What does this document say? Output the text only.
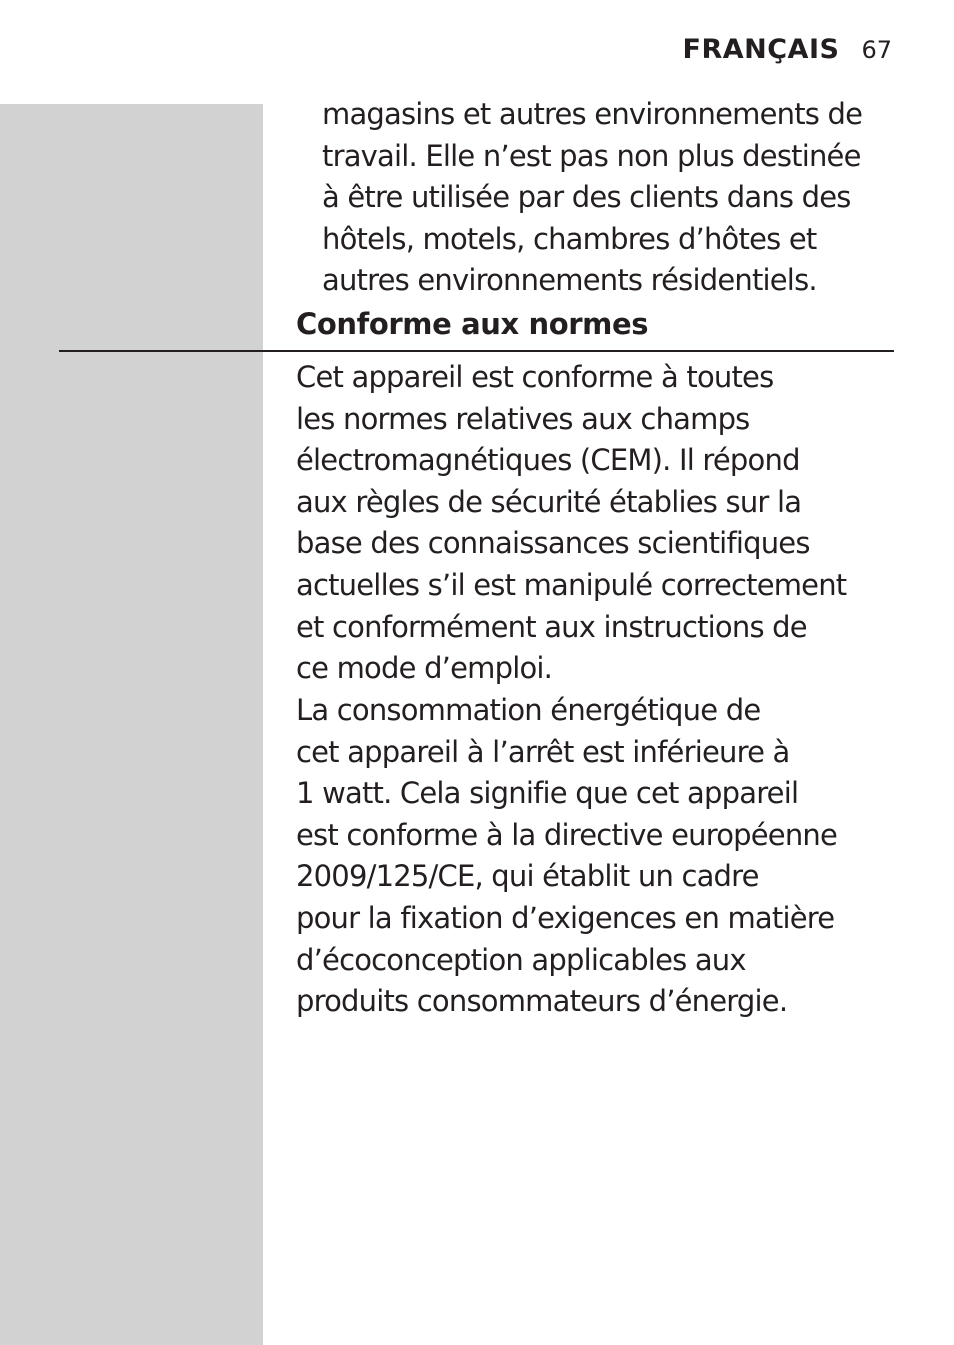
FRANÇAIS 67

magasins et autres environnements de
travail. Elle n’est pas non plus destinée
à être utilisée par des clients dans des
hôtels, motels, chambres d’hôtes et
autres environnements résidentiels.

Conforme aux normes

Cet appareil est conforme à toutes
les normes relatives aux champs
électromagnétiques (CEM). Il répond
aux règles de sécurité établies sur la
base des connaissances scientifiques
actuelles s’il est manipulé correctement
et conformément aux instructions de
ce mode d’emploi.

La consommation énergétique de
cet appareil à l’arrêt est inférieure à
1 watt. Cela signifie que cet appareil
est conforme à la directive européenne
2009/125/CE, qui établit un cadre
pour la fixation d’exigences en matière
d’écoconception applicables aux
produits consommateurs d’énergie.
